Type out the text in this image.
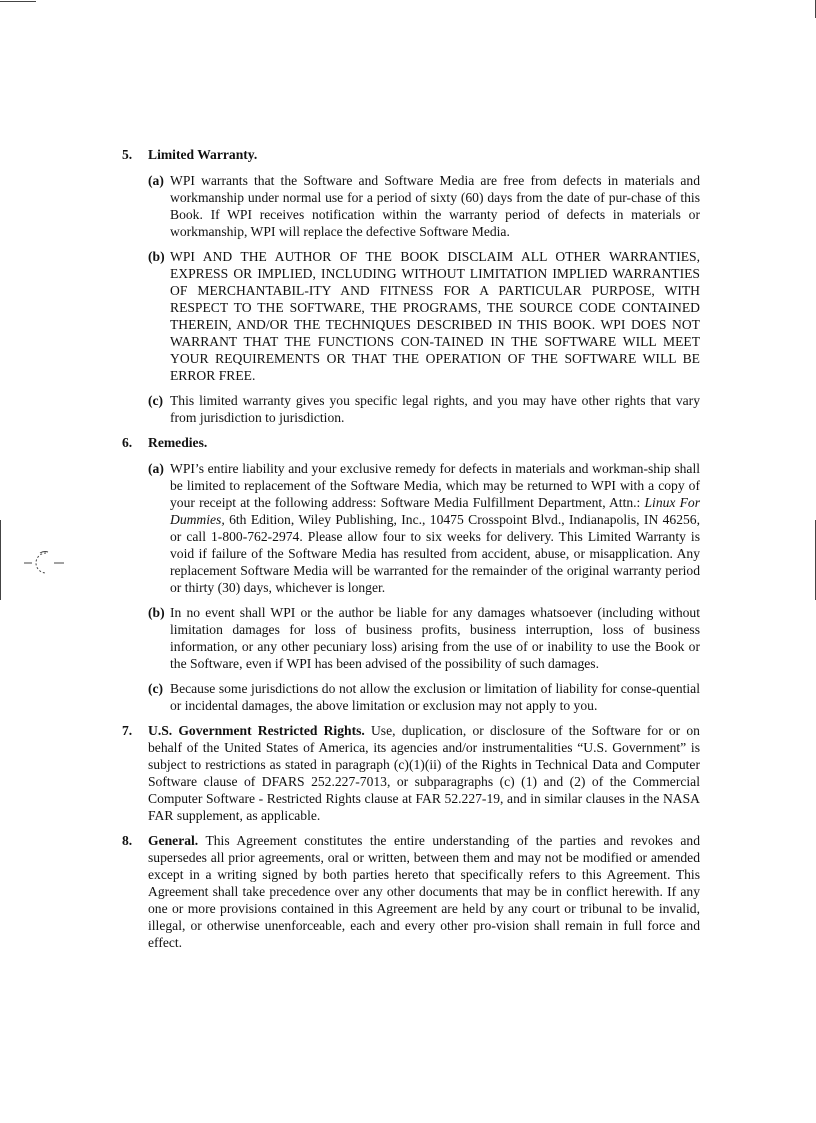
5. Limited Warranty.
(a) WPI warrants that the Software and Software Media are free from defects in materials and workmanship under normal use for a period of sixty (60) days from the date of pur-chase of this Book. If WPI receives notification within the warranty period of defects in materials or workmanship, WPI will replace the defective Software Media.
(b) WPI AND THE AUTHOR OF THE BOOK DISCLAIM ALL OTHER WARRANTIES, EXPRESS OR IMPLIED, INCLUDING WITHOUT LIMITATION IMPLIED WARRANTIES OF MERCHANTABIL-ITY AND FITNESS FOR A PARTICULAR PURPOSE, WITH RESPECT TO THE SOFTWARE, THE PROGRAMS, THE SOURCE CODE CONTAINED THEREIN, AND/OR THE TECHNIQUES DESCRIBED IN THIS BOOK. WPI DOES NOT WARRANT THAT THE FUNCTIONS CON-TAINED IN THE SOFTWARE WILL MEET YOUR REQUIREMENTS OR THAT THE OPERATION OF THE SOFTWARE WILL BE ERROR FREE.
(c) This limited warranty gives you specific legal rights, and you may have other rights that vary from jurisdiction to jurisdiction.
6. Remedies.
(a) WPI’s entire liability and your exclusive remedy for defects in materials and workman-ship shall be limited to replacement of the Software Media, which may be returned to WPI with a copy of your receipt at the following address: Software Media Fulfillment Department, Attn.: Linux For Dummies, 6th Edition, Wiley Publishing, Inc., 10475 Crosspoint Blvd., Indianapolis, IN 46256, or call 1-800-762-2974. Please allow four to six weeks for delivery. This Limited Warranty is void if failure of the Software Media has resulted from accident, abuse, or misapplication. Any replacement Software Media will be warranted for the remainder of the original warranty period or thirty (30) days, whichever is longer.
(b) In no event shall WPI or the author be liable for any damages whatsoever (including without limitation damages for loss of business profits, business interruption, loss of business information, or any other pecuniary loss) arising from the use of or inability to use the Book or the Software, even if WPI has been advised of the possibility of such damages.
(c) Because some jurisdictions do not allow the exclusion or limitation of liability for conse-quential or incidental damages, the above limitation or exclusion may not apply to you.
7. U.S. Government Restricted Rights. Use, duplication, or disclosure of the Software for or on behalf of the United States of America, its agencies and/or instrumentalities “U.S. Government” is subject to restrictions as stated in paragraph (c)(1)(ii) of the Rights in Technical Data and Computer Software clause of DFARS 252.227-7013, or subparagraphs (c) (1) and (2) of the Commercial Computer Software - Restricted Rights clause at FAR 52.227-19, and in similar clauses in the NASA FAR supplement, as applicable.
8. General. This Agreement constitutes the entire understanding of the parties and revokes and supersedes all prior agreements, oral or written, between them and may not be modified or amended except in a writing signed by both parties hereto that specifically refers to this Agreement. This Agreement shall take precedence over any other documents that may be in conflict herewith. If any one or more provisions contained in this Agreement are held by any court or tribunal to be invalid, illegal, or otherwise unenforceable, each and every other pro-vision shall remain in full force and effect.
